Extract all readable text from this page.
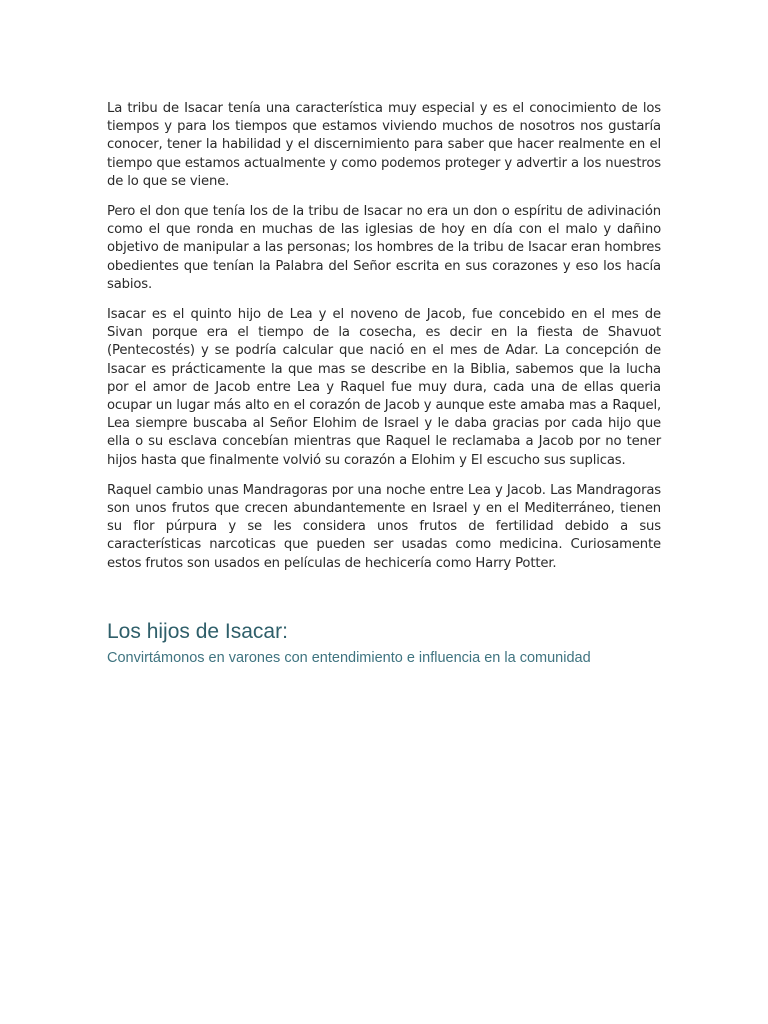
La tribu de Isacar tenía una característica muy especial y es el conocimiento de los tiempos y para los tiempos que estamos viviendo muchos de nosotros nos gustaría conocer, tener la habilidad y el discernimiento para saber que hacer realmente en el tiempo que estamos actualmente y como podemos proteger y advertir a los nuestros de lo que se viene.

Pero el don que tenía los de la tribu de Isacar no era un don o espíritu de adivinación como el que ronda en muchas de las iglesias de hoy en día con el malo y dañino objetivo de manipular a las personas; los hombres de la tribu de Isacar eran hombres obedientes que tenían la Palabra del Señor escrita en sus corazones y eso los hacía sabios.

Isacar es el quinto hijo de Lea y el noveno de Jacob, fue concebido en el mes de Sivan porque era el tiempo de la cosecha, es decir en la fiesta de Shavuot (Pentecostés) y se podría calcular que nació en el mes de Adar. La concepción de Isacar es prácticamente la que mas se describe en la Biblia, sabemos que la lucha por el amor de Jacob entre Lea y Raquel fue muy dura, cada una de ellas queria ocupar un lugar más alto en el corazón de Jacob y aunque este amaba mas a Raquel, Lea siempre buscaba al Señor Elohim de Israel y le daba gracias por cada hijo que ella o su esclava concebían mientras que Raquel le reclamaba a Jacob por no tener hijos hasta que finalmente volvió su corazón a Elohim y El escucho sus suplicas.

Raquel cambio unas Mandragoras por una noche entre Lea y Jacob. Las Mandragoras son unos frutos que crecen abundantemente en Israel y en el Mediterráneo, tienen su flor púrpura y se les considera unos frutos de fertilidad debido a sus características narcoticas que pueden ser usadas como medicina. Curiosamente estos frutos son usados en películas de hechicería como Harry Potter.

Los hijos de Isacar:
Convirtámonos en varones con entendimiento e influencia en la comunidad
